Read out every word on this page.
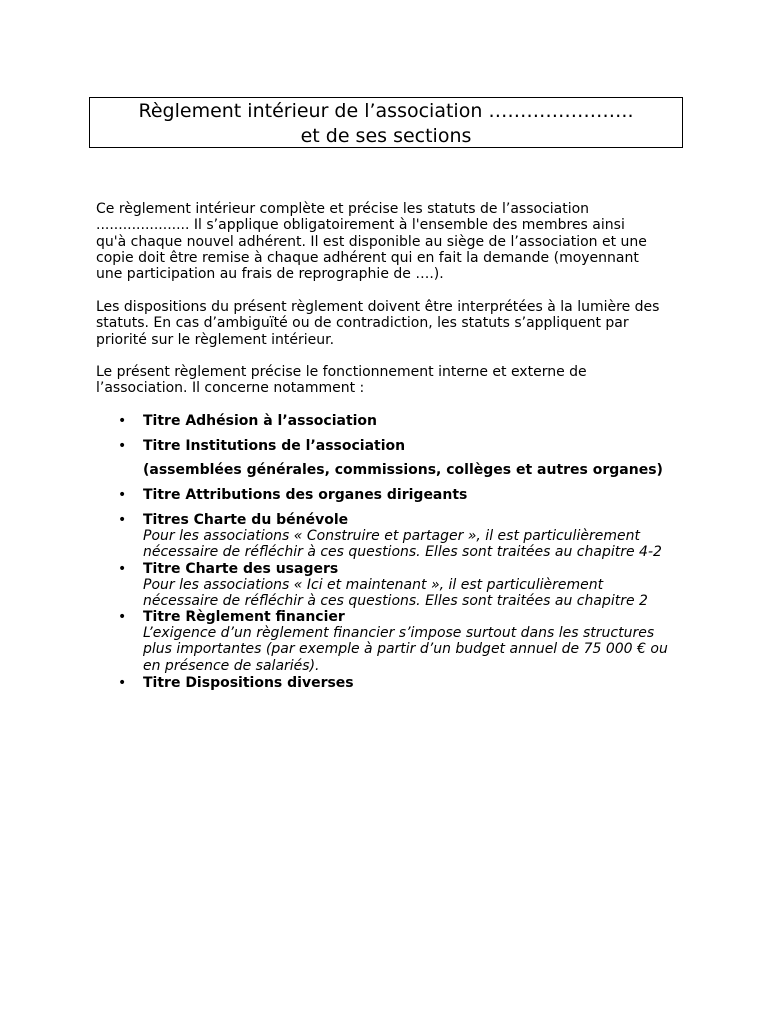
Règlement intérieur de l’association …………………..
et de ses sections

Ce règlement intérieur complète et précise les statuts de l’association
..................... Il s’applique obligatoirement à l'ensemble des membres ainsi
qu'à chaque nouvel adhérent. Il est disponible au siège de l’association et une
copie doit être remise à chaque adhérent qui en fait la demande (moyennant
une participation au frais de reprographie de ….).

Les dispositions du présent règlement doivent être interprétées à la lumière des
statuts. En cas d’ambiguïté ou de contradiction, les statuts s’appliquent par
priorité sur le règlement intérieur.

Le présent règlement précise le fonctionnement interne et externe de
l’association. Il concerne notamment :

• Titre Adhésion à l’association
• Titre Institutions de l’association
(assemblées générales, commissions, collèges et autres organes)
• Titre Attributions des organes dirigeants
• Titres Charte du bénévole
Pour les associations « Construire et partager », il est particulièrement
nécessaire de réfléchir à ces questions. Elles sont traitées au chapitre 4-2
• Titre Charte des usagers
Pour les associations « Ici et maintenant », il est particulièrement
nécessaire de réfléchir à ces questions. Elles sont traitées au chapitre 2
• Titre Règlement financier
L’exigence d’un règlement financier s’impose surtout dans les structures
plus importantes (par exemple à partir d’un budget annuel de 75 000 € ou
en présence de salariés).
• Titre Dispositions diverses
